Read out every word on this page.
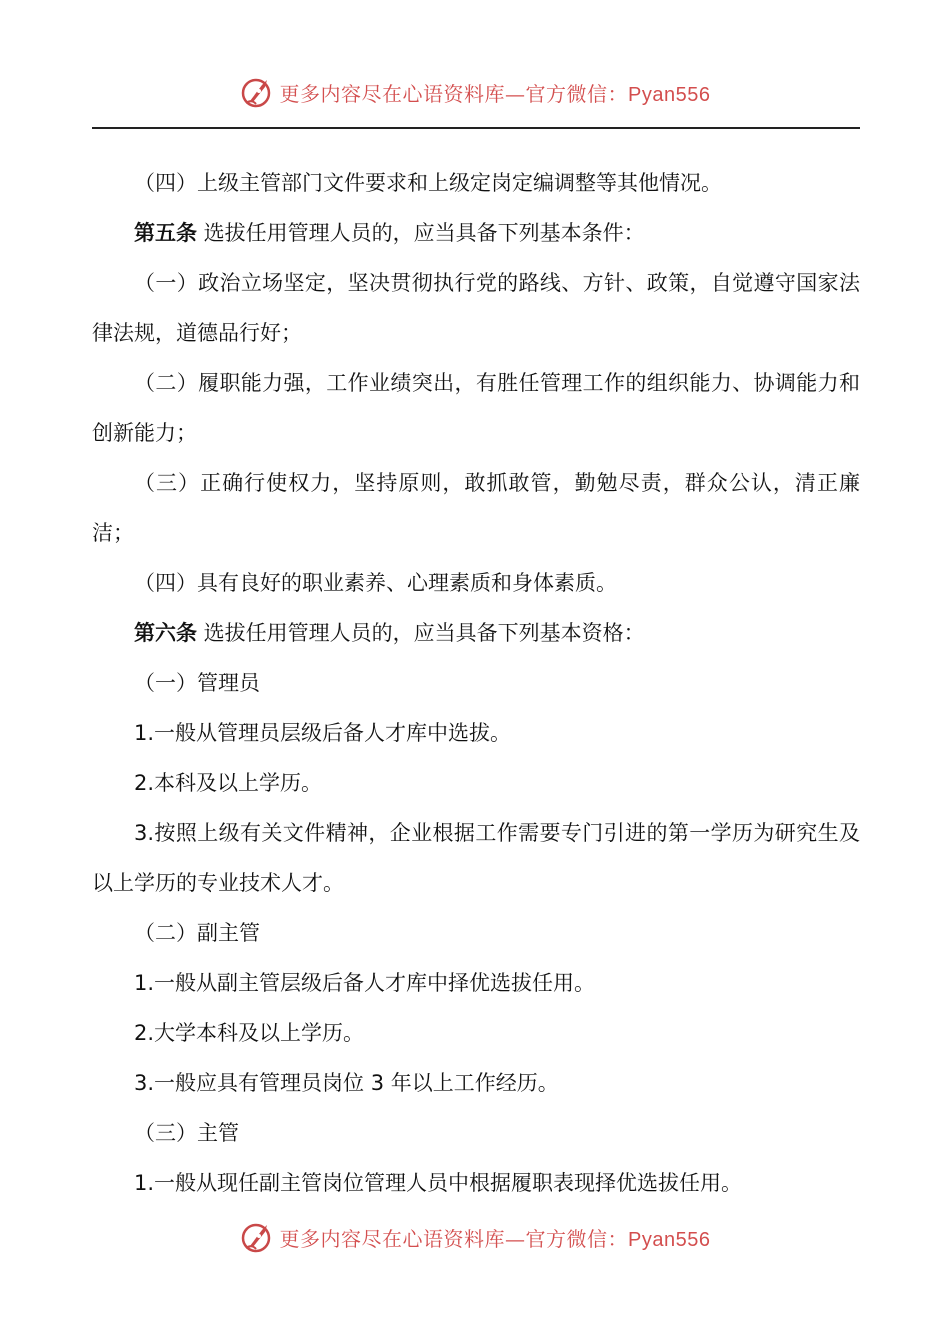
更多内容尽在心语资料库—官方微信：Pyan556

（四）上级主管部门文件要求和上级定岗定编调整等其他情况。

第五条 选拔任用管理人员的，应当具备下列基本条件：

（一）政治立场坚定，坚决贯彻执行党的路线、方针、政策，自觉遵守国家法律法规，道德品行好；

（二）履职能力强，工作业绩突出，有胜任管理工作的组织能力、协调能力和创新能力；

（三）正确行使权力，坚持原则，敢抓敢管，勤勉尽责，群众公认，清正廉洁；

（四）具有良好的职业素养、心理素质和身体素质。

第六条 选拔任用管理人员的，应当具备下列基本资格：

（一）管理员

1.一般从管理员层级后备人才库中选拔。

2.本科及以上学历。

3.按照上级有关文件精神，企业根据工作需要专门引进的第一学历为研究生及以上学历的专业技术人才。

（二）副主管

1.一般从副主管层级后备人才库中择优选拔任用。

2.大学本科及以上学历。

3.一般应具有管理员岗位 3 年以上工作经历。

（三）主管

1.一般从现任副主管岗位管理人员中根据履职表现择优选拔任用。

更多内容尽在心语资料库—官方微信：Pyan556
